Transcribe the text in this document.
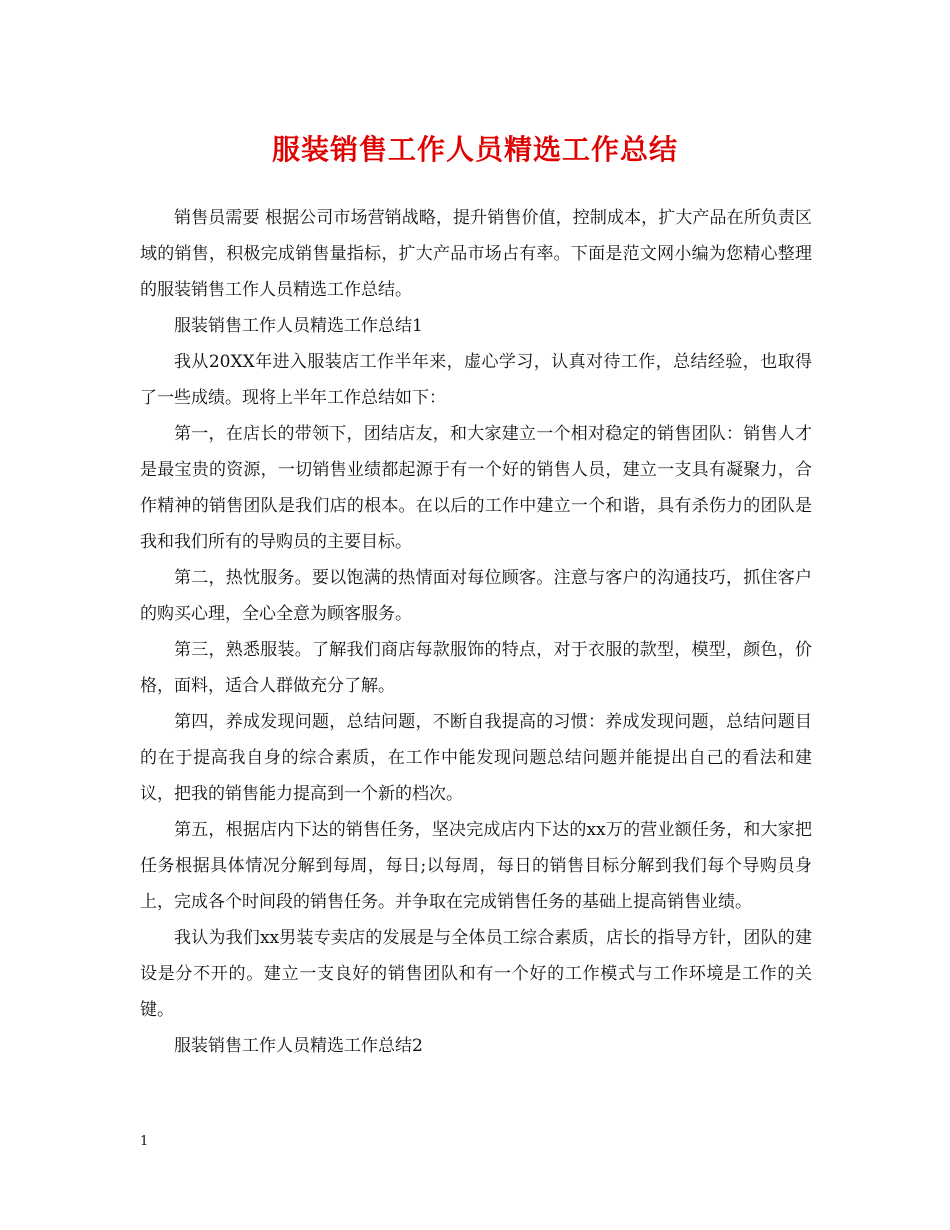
服装销售工作人员精选工作总结

销售员需要 根据公司市场营销战略，提升销售价值，控制成本，扩大产品在所负责区域的销售，积极完成销售量指标，扩大产品市场占有率。下面是范文网小编为您精心整理的服装销售工作人员精选工作总结。

服装销售工作人员精选工作总结1

我从20XX年进入服装店工作半年来，虚心学习，认真对待工作，总结经验，也取得了一些成绩。现将上半年工作总结如下：

第一，在店长的带领下，团结店友，和大家建立一个相对稳定的销售团队：销售人才是最宝贵的资源，一切销售业绩都起源于有一个好的销售人员，建立一支具有凝聚力，合作精神的销售团队是我们店的根本。在以后的工作中建立一个和谐，具有杀伤力的团队是我和我们所有的导购员的主要目标。

第二，热忱服务。要以饱满的热情面对每位顾客。注意与客户的沟通技巧，抓住客户的购买心理，全心全意为顾客服务。

第三，熟悉服装。了解我们商店每款服饰的特点，对于衣服的款型，模型，颜色，价格，面料，适合人群做充分了解。

第四，养成发现问题，总结问题，不断自我提高的习惯：养成发现问题，总结问题目的在于提高我自身的综合素质，在工作中能发现问题总结问题并能提出自己的看法和建议，把我的销售能力提高到一个新的档次。

第五，根据店内下达的销售任务，坚决完成店内下达的xx万的营业额任务，和大家把任务根据具体情况分解到每周，每日;以每周，每日的销售目标分解到我们每个导购员身上，完成各个时间段的销售任务。并争取在完成销售任务的基础上提高销售业绩。

我认为我们xx男装专卖店的发展是与全体员工综合素质，店长的指导方针，团队的建设是分不开的。建立一支良好的销售团队和有一个好的工作模式与工作环境是工作的关键。

服装销售工作人员精选工作总结2

1
